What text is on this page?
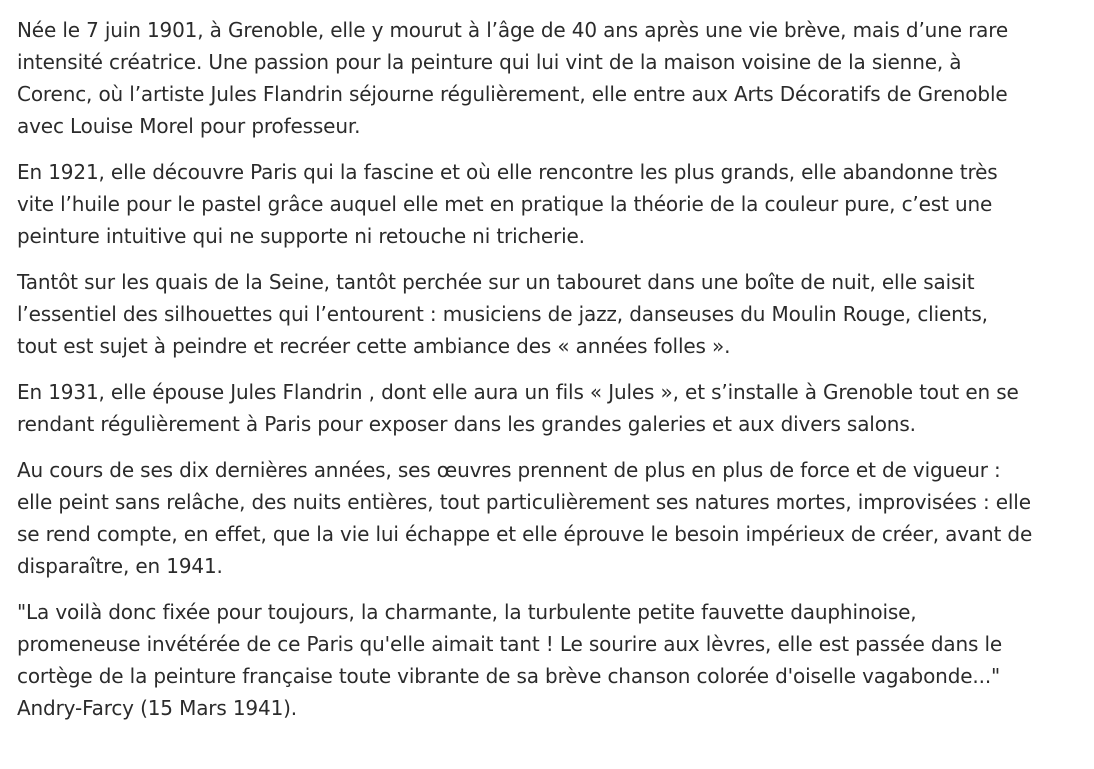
Née le 7 juin 1901, à Grenoble, elle y mourut à l’âge de 40 ans après une vie brève, mais d’une rare
intensité créatrice. Une passion pour la peinture qui lui vint de la maison voisine de la sienne, à
Corenc, où l’artiste Jules Flandrin séjourne régulièrement, elle entre aux Arts Décoratifs de Grenoble
avec Louise Morel pour professeur.

En 1921, elle découvre Paris qui la fascine et où elle rencontre les plus grands, elle abandonne très
vite l’huile pour le pastel grâce auquel elle met en pratique la théorie de la couleur pure, c’est une
peinture intuitive qui ne supporte ni retouche ni tricherie.

Tantôt sur les quais de la Seine, tantôt perchée sur un tabouret dans une boîte de nuit, elle saisit
l’essentiel des silhouettes qui l’entourent : musiciens de jazz, danseuses du Moulin Rouge, clients,
tout est sujet à peindre et recréer cette ambiance des « années folles ».

En 1931, elle épouse Jules Flandrin , dont elle aura un fils « Jules », et s’installe à Grenoble tout en se
rendant régulièrement à Paris pour exposer dans les grandes galeries et aux divers salons.

Au cours de ses dix dernières années, ses œuvres prennent de plus en plus de force et de vigueur :
elle peint sans relâche, des nuits entières, tout particulièrement ses natures mortes, improvisées : elle
se rend compte, en effet, que la vie lui échappe et elle éprouve le besoin impérieux de créer, avant de
disparaître, en 1941.

"La voilà donc fixée pour toujours, la charmante, la turbulente petite fauvette dauphinoise,
promeneuse invétérée de ce Paris qu'elle aimait tant ! Le sourire aux lèvres, elle est passée dans le
cortège de la peinture française toute vibrante de sa brève chanson colorée d'oiselle vagabonde..."
Andry-Farcy (15 Mars 1941).
